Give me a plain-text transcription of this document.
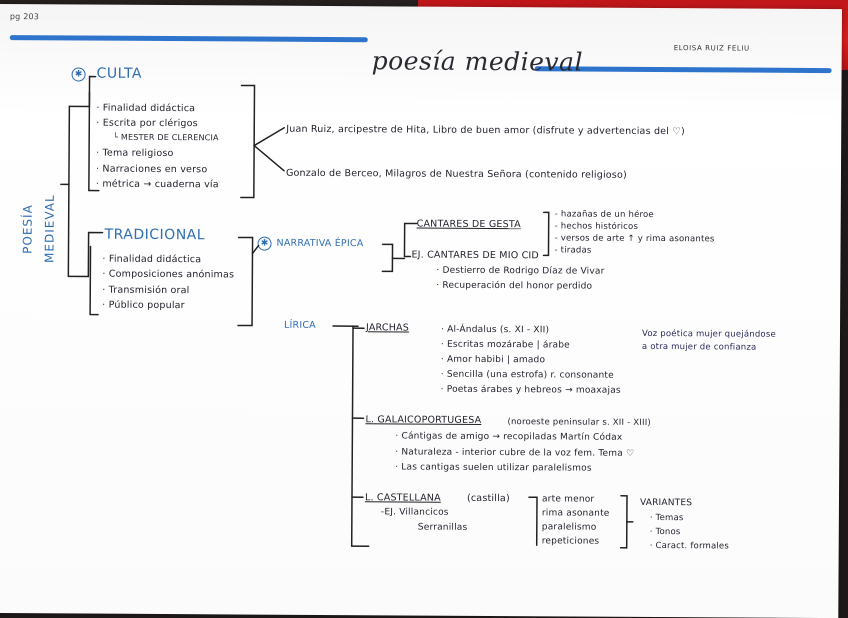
pg 203
poesía medieval	ELOISA RUIZ FELIU
POESÍA MEDIEVAL
✱ CULTA
· Finalidad didáctica
· Escrita por clérigos
└ MESTER DE CLERENCIA
· Tema religioso
· Narraciones en verso
· métrica → cuaderna vía
Juan Ruiz, arcipestre de Hita, Libro de buen amor (disfrute y advertencias del ♡)
Gonzalo de Berceo, Milagros de Nuestra Señora (contenido religioso)
TRADICIONAL
· Finalidad didáctica
· Composiciones anónimas
· Transmisión oral
· Público popular
✱ NARRATIVA ÉPICA
CANTARES DE GESTA
- hazañas de un héroe
- hechos históricos
- versos de arte ↑ y rima asonantes
- tiradas
EJ. CANTARES DE MIO CID
· Destierro de Rodrigo Díaz de Vivar
· Recuperación del honor perdido
LÍRICA	JARCHAS	· Al-Ándalus (s. XI - XII)
· Escritas mozárabe | árabe
· Amor habibi | amado
· Sencilla (una estrofa) r. consonante
· Poetas árabes y hebreos → moaxajas
Voz poética mujer quejándose
a otra mujer de confianza
L. GALAICOPORTUGESA	(noroeste peninsular s. XII - XIII)
· Cántigas de amigo → recopiladas Martín Códax
· Naturaleza - interior cubre de la voz fem. Tema ♡
· Las cantigas suelen utilizar paralelismos
L. CASTELLANA	(castilla)
-EJ. Villancicos
Serranillas
arte menor
rima asonante
paralelismo
repeticiones
VARIANTES
· Temas
· Tonos
· Caract. formales
